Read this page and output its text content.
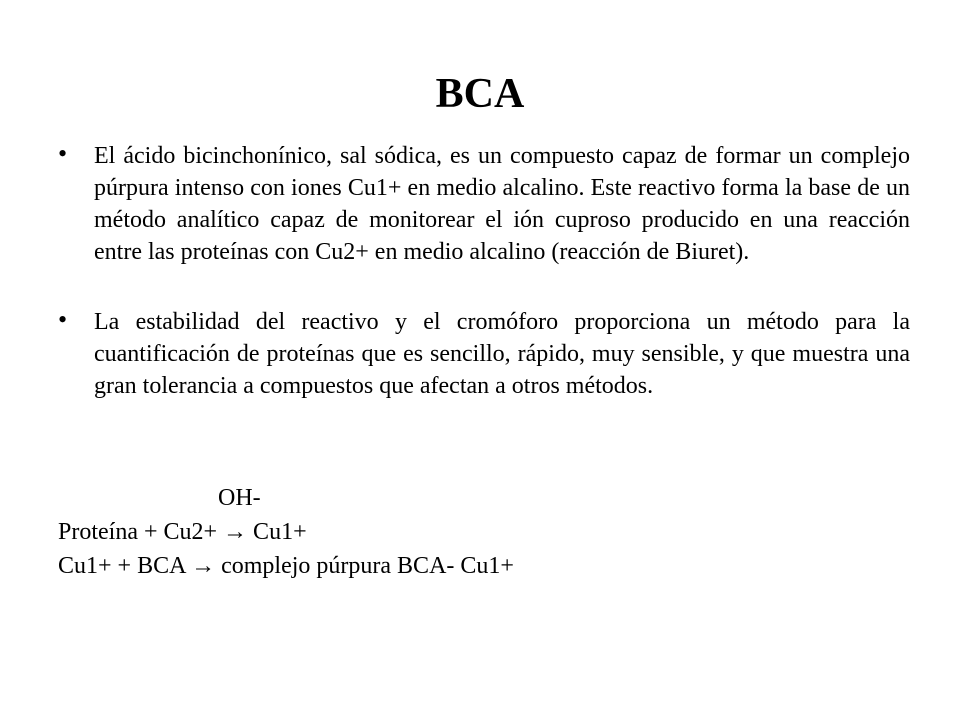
BCA
• El ácido bicinchonínico, sal sódica, es un compuesto capaz de formar un complejo púrpura intenso con iones Cu1+ en medio alcalino. Este reactivo forma la base de un método analítico capaz de monitorear el ión cuproso producido en una reacción entre las proteínas con Cu2+ en medio alcalino (reacción de Biuret).
• La estabilidad del reactivo y el cromóforo proporciona un método para la cuantificación de proteínas que es sencillo, rápido, muy sensible, y que muestra una gran tolerancia a compuestos que afectan a otros métodos.
OH-
Proteína + Cu2+ → Cu1+
Cu1+ + BCA → complejo púrpura BCA- Cu1+
